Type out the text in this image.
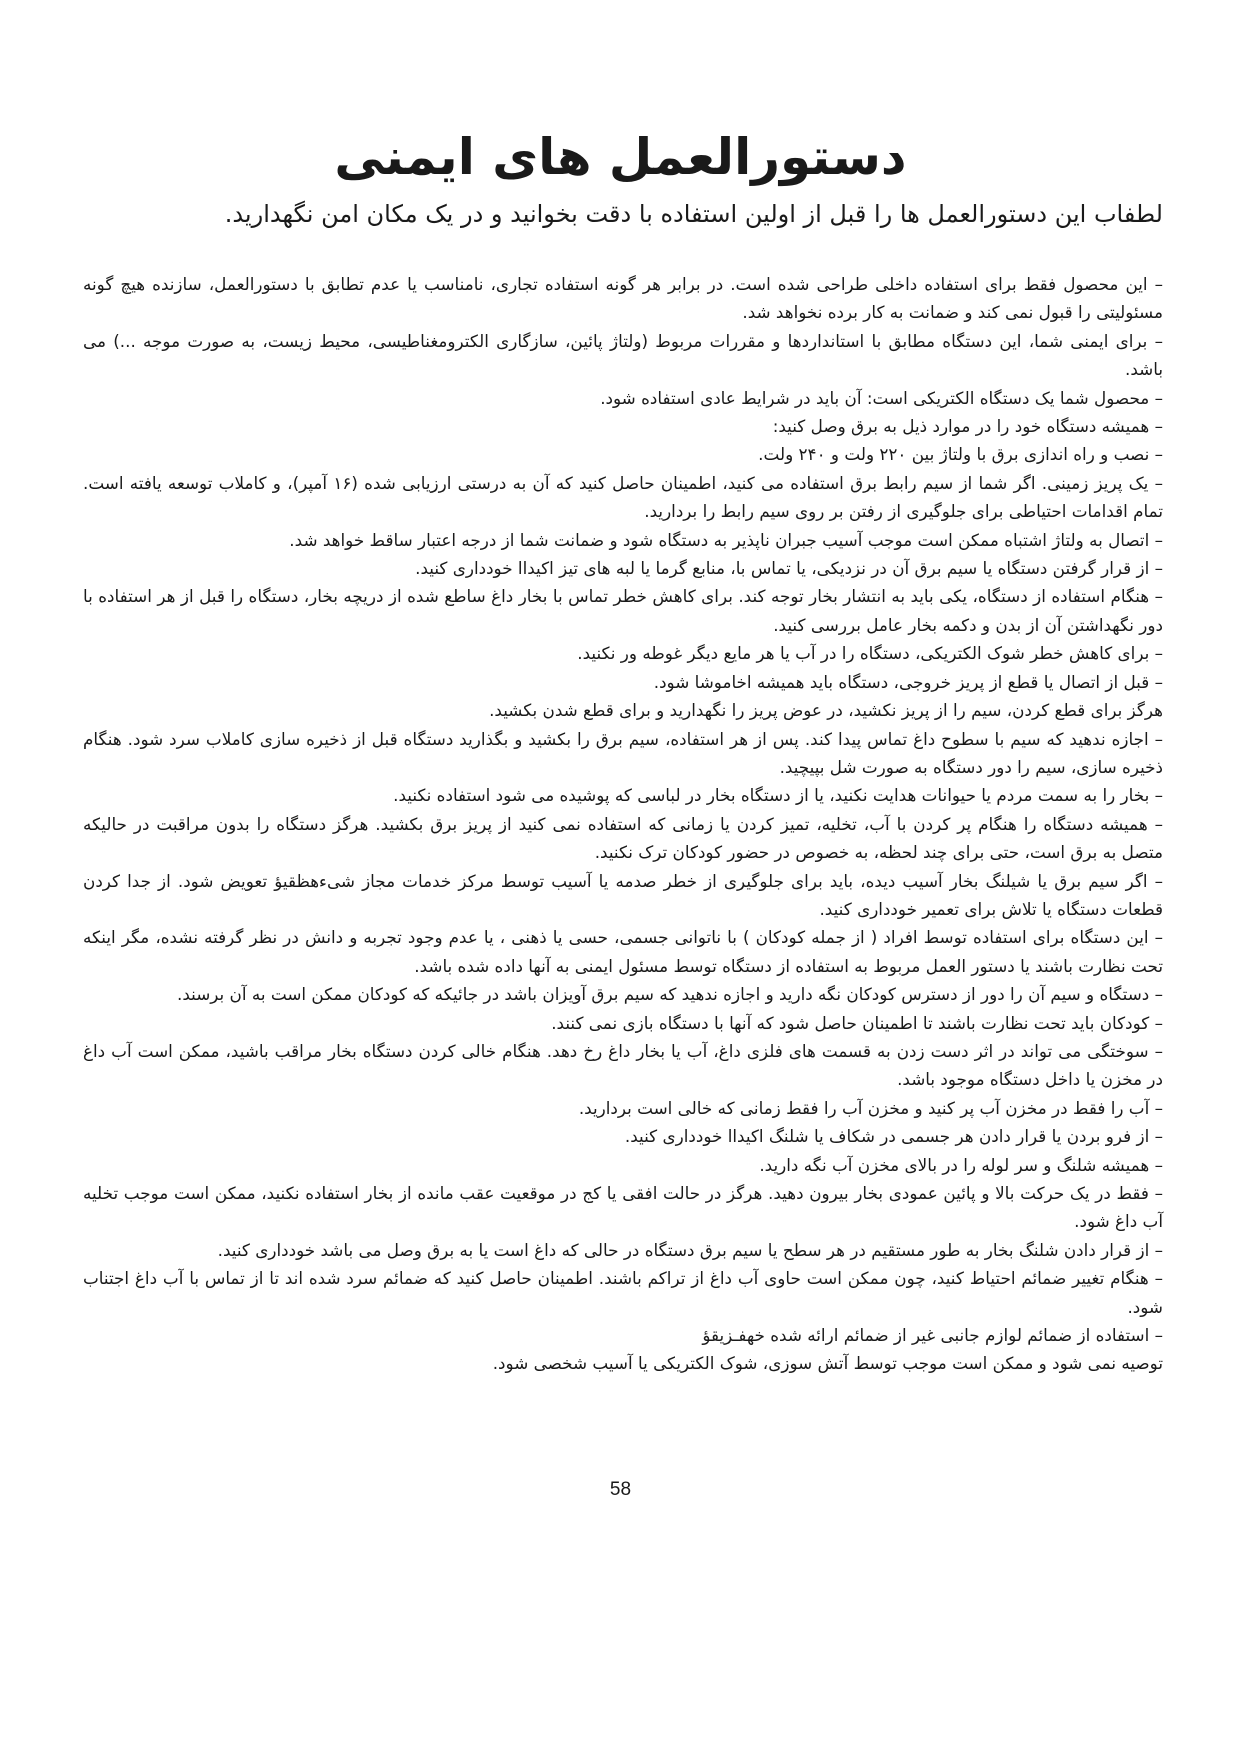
دستورالعمل های ایمنی

لطفاب این دستورالعمل ها را قبل از اولین استفاده با دقت بخوانید و در یک مکان امن نگهدارید.

– این محصول فقط برای استفاده داخلی طراحی شده است. در برابر هر گونه استفاده تجاری، نامناسب یا عدم تطابق با دستورالعمل، سازنده هیچ گونه مسئولیتی را قبول نمی کند و ضمانت به کار برده نخواهد شد.

– برای ایمنی شما، این دستگاه مطابق با استانداردها و مقررات مربوط (ولتاژ پائین، سازگاری الکترومغناطیسی، محیط زیست، به صورت موجه ...) می باشد.

– محصول شما یک دستگاه الکتریکی است: آن باید در شرایط عادی استفاده شود.

– همیشه دستگاه خود را در موارد ذیل به برق وصل کنید:

– نصب و راه اندازی برق با ولتاژ بین ۲۲۰ ولت و ۲۴۰ ولت.

– یک پریز زمینی. اگر شما از سیم رابط برق استفاده می کنید، اطمینان حاصل کنید که آن به درستی ارزیابی شده (۱۶ آمپر)، و کاملاب توسعه یافته است. تمام اقدامات احتیاطی برای جلوگیری از رفتن بر روی سیم رابط را بردارید.

– اتصال به ولتاژ اشتباه ممکن است موجب آسیب جبران ناپذیر به دستگاه شود و ضمانت شما از درجه اعتبار ساقط خواهد شد.

– از قرار گرفتن دستگاه یا سیم برق آن در نزدیکی، یا تماس با، منابع گرما یا لبه های تیز اکیداا خودداری کنید.

– هنگام استفاده از دستگاه، یکی باید به انتشار بخار توجه کند. برای کاهش خطر تماس با بخار داغ ساطع شده از دریچه بخار، دستگاه را قبل از هر استفاده با دور نگهداشتن آن از بدن و دکمه بخار عامل بررسی کنید.

– برای کاهش خطر شوک الکتریکی، دستگاه را در آب یا هر مایع دیگر غوطه ور نکنید.

– قبل از اتصال یا قطع از پریز خروجی، دستگاه باید همیشه اخاموشا شود.

هرگز برای قطع کردن، سیم را از پریز نکشید، در عوض پریز را نگهدارید و برای قطع شدن بکشید.

– اجازه ندهید که سیم با سطوح داغ تماس پیدا کند. پس از هر استفاده، سیم برق را بکشید و بگذارید دستگاه قبل از ذخیره سازی کاملاب سرد شود. هنگام ذخیره سازی، سیم را دور دستگاه به صورت شل بپیچید.

– بخار را به سمت مردم یا حیوانات هدایت نکنید، یا از دستگاه بخار در لباسی که پوشیده می شود استفاده نکنید.

– همیشه دستگاه را هنگام پر کردن با آب، تخلیه، تمیز کردن یا زمانی که استفاده نمی کنید از پریز برق بکشید. هرگز دستگاه را بدون مراقبت در حالیکه متصل به برق است، حتی برای چند لحظه، به خصوص در حضور کودکان ترک نکنید.

– اگر سیم برق یا شیلنگ بخار آسیب دیده، باید برای جلوگیری از خطر صدمه یا آسیب توسط مرکز خدمات مجاز شیءهظقیؤ تعویض شود. از جدا کردن قطعات دستگاه یا تلاش برای تعمیر خودداری کنید.

– این دستگاه برای استفاده توسط افراد ( از جمله کودکان ) با ناتوانی جسمی، حسی یا ذهنی ، یا عدم وجود تجربه و دانش در نظر گرفته نشده، مگر اینکه تحت نظارت باشند یا دستور العمل مربوط به استفاده از دستگاه توسط مسئول ایمنی به آنها داده شده باشد.

– دستگاه و سیم آن را دور از دسترس کودکان نگه دارید و اجازه ندهید که سیم برق آویزان باشد در جائیکه که کودکان ممکن است به آن برسند.

– کودکان باید تحت نظارت باشند تا اطمینان حاصل شود که آنها با دستگاه بازی نمی کنند.

– سوختگی می تواند در اثر دست زدن به قسمت های فلزی داغ، آب یا بخار داغ رخ دهد. هنگام خالی کردن دستگاه بخار مراقب باشید، ممکن است آب داغ در مخزن یا داخل دستگاه موجود باشد.

– آب را فقط در مخزن آب پر کنید و مخزن آب را فقط زمانی که خالی است بردارید.

– از فرو بردن یا قرار دادن هر جسمی در شکاف یا شلنگ اکیداا خودداری کنید.

– همیشه شلنگ و سر لوله را در بالای مخزن آب نگه دارید.

– فقط در یک حرکت بالا و پائین عمودی بخار بیرون دهید. هرگز در حالت افقی یا کج در موقعیت عقب مانده از بخار استفاده نکنید، ممکن است موجب تخلیه آب داغ شود.

– از قرار دادن شلنگ بخار به طور مستقیم در هر سطح یا سیم برق دستگاه در حالی که داغ است یا به برق وصل می باشد خودداری کنید.

– هنگام تغییر ضمائم احتیاط کنید، چون ممکن است حاوی آب داغ از تراکم باشند. اطمینان حاصل کنید که ضمائم سرد شده اند تا از تماس با آب داغ اجتناب شود.

– استفاده از ضمائم لوازم جانبی غیر از ضمائم ارائه شده خهفـزیقؤ

توصیه نمی شود و ممکن است موجب توسط آتش سوزی، شوک الکتریکی یا آسیب شخصی شود.

58
